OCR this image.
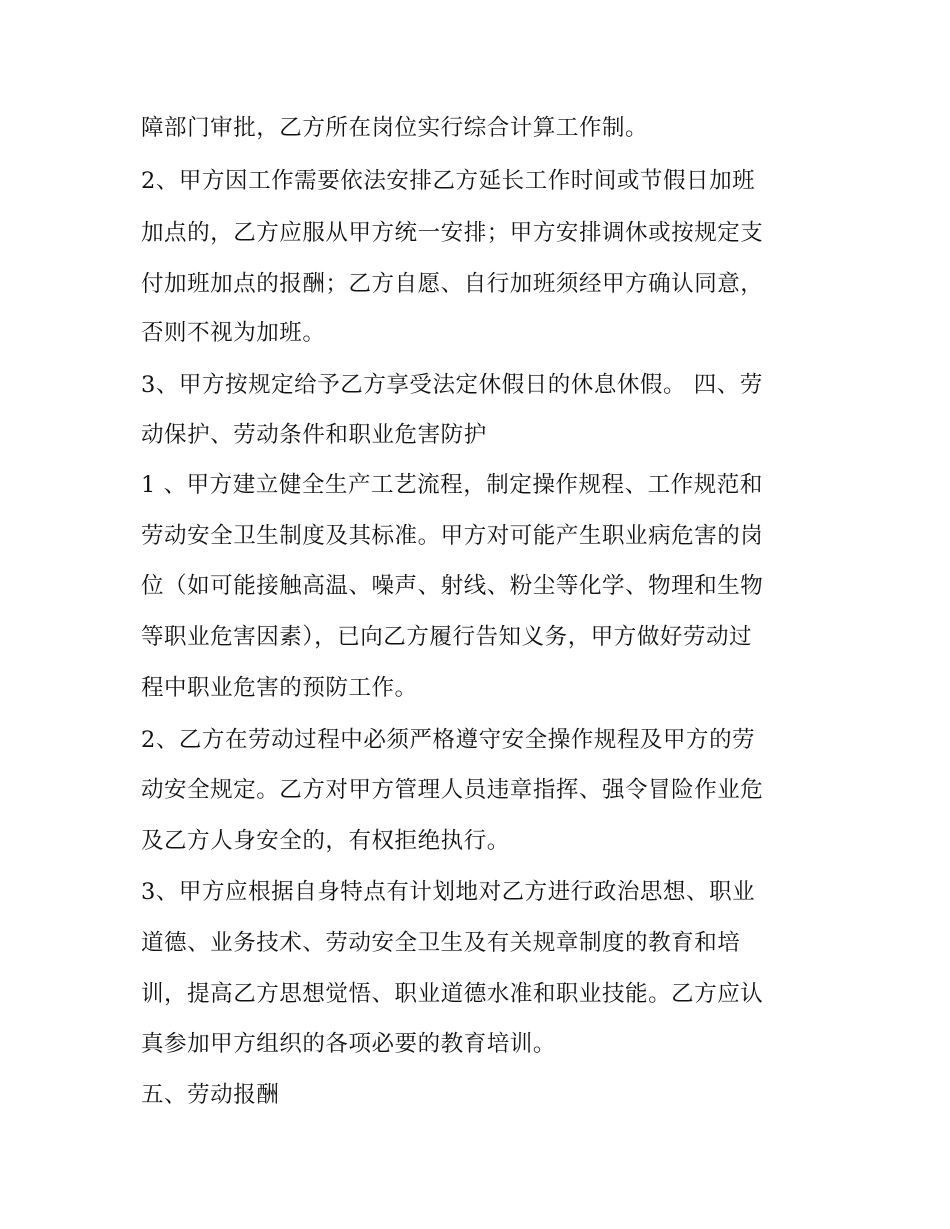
障部门审批，乙方所在岗位实行综合计算工作制。

2、甲方因工作需要依法安排乙方延长工作时间或节假日加班

加点的，乙方应服从甲方统一安排；甲方安排调休或按规定支

付加班加点的报酬；乙方自愿、自行加班须经甲方确认同意，

否则不视为加班。

3、甲方按规定给予乙方享受法定休假日的休息休假。 四、劳

动保护、劳动条件和职业危害防护

1 、甲方建立健全生产工艺流程，制定操作规程、工作规范和

劳动安全卫生制度及其标准。甲方对可能产生职业病危害的岗

位（如可能接触高温、噪声、射线、粉尘等化学、物理和生物

等职业危害因素），已向乙方履行告知义务，甲方做好劳动过

程中职业危害的预防工作。

2、乙方在劳动过程中必须严格遵守安全操作规程及甲方的劳

动安全规定。乙方对甲方管理人员违章指挥、强令冒险作业危

及乙方人身安全的，有权拒绝执行。

3、甲方应根据自身特点有计划地对乙方进行政治思想、职业

道德、业务技术、劳动安全卫生及有关规章制度的教育和培

训，提高乙方思想觉悟、职业道德水准和职业技能。乙方应认

真参加甲方组织的各项必要的教育培训。

五、劳动报酬
